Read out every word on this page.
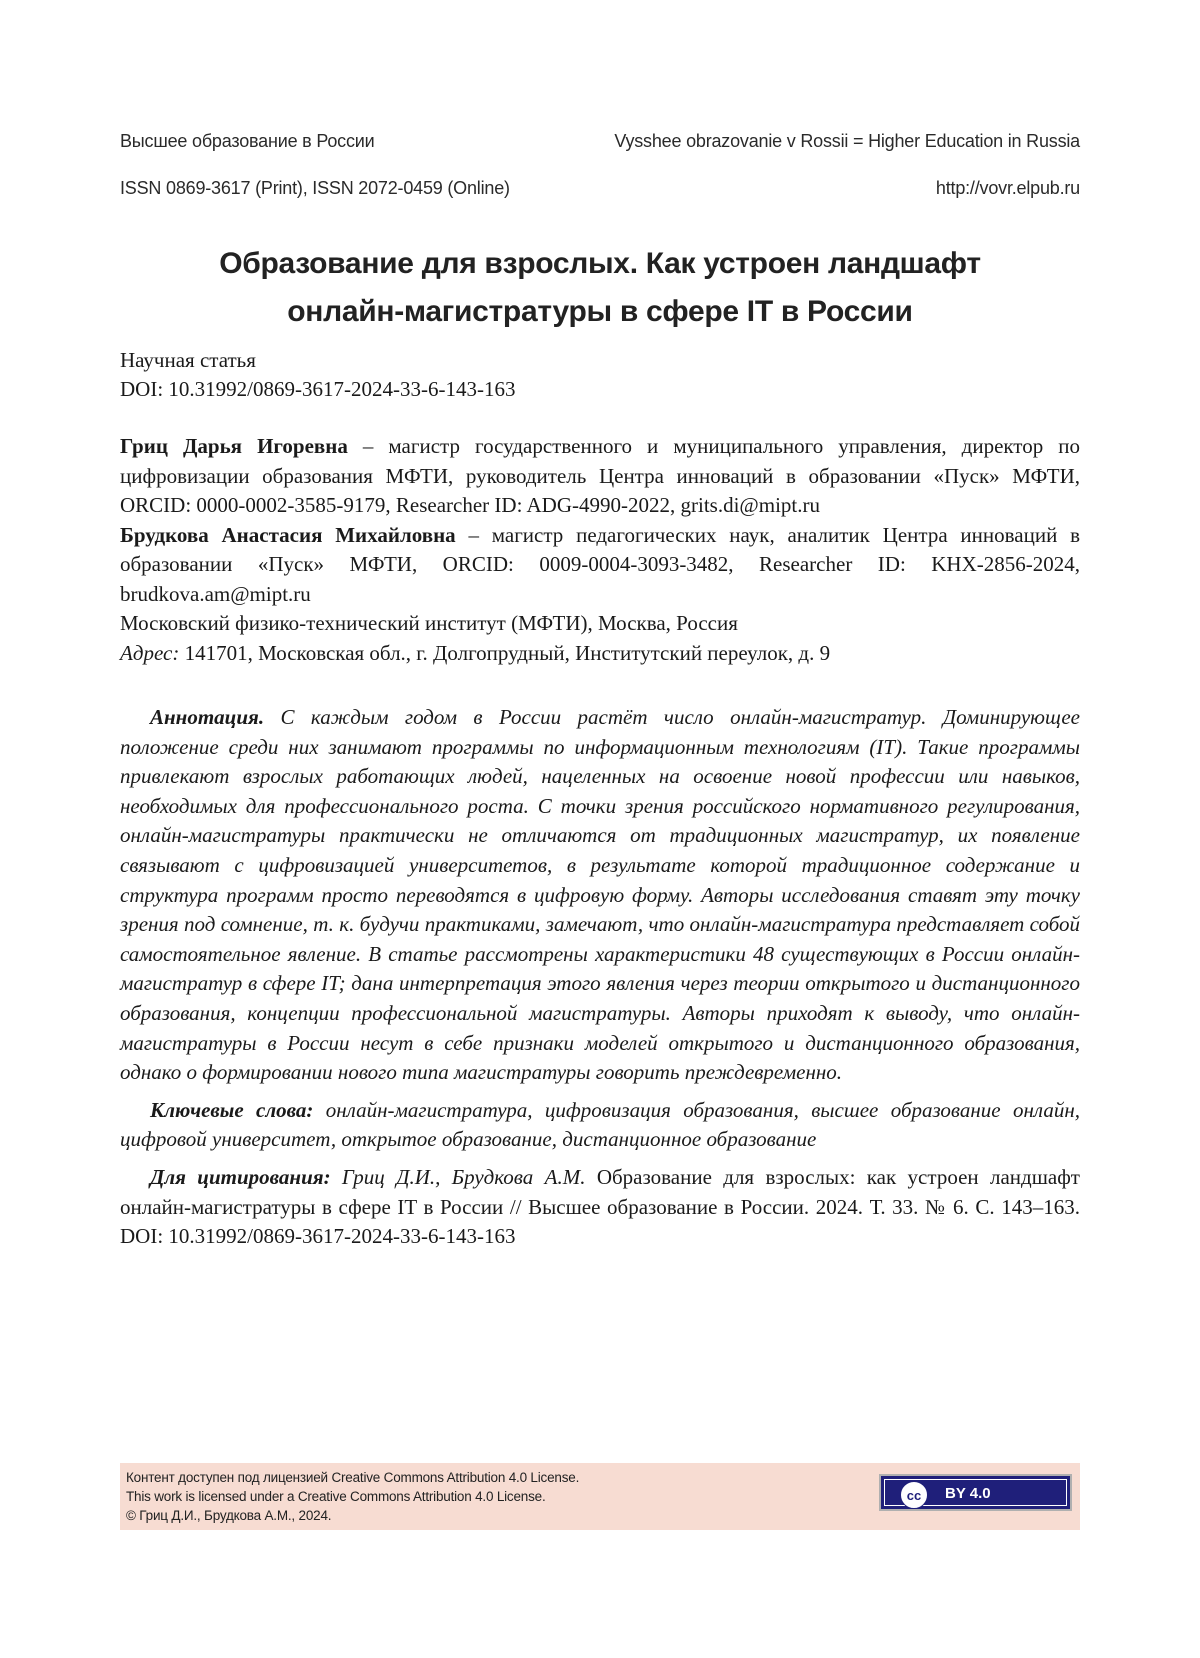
Высшее образование в России	Vysshee obrazovanie v Rossii = Higher Education in Russia
ISSN 0869-3617 (Print), ISSN 2072-0459 (Online)	http://vovr.elpub.ru
Образование для взрослых. Как устроен ландшафт
онлайн-магистратуры в сфере IT в России
Научная статья
DOI: 10.31992/0869-3617-2024-33-6-143-163

Гриц Дарья Игоревна – магистр государственного и муниципального управления, директор по цифровизации образования МФТИ, руководитель Центра инноваций в образовании «Пуск» МФТИ, ORCID: 0000-0002-3585-9179, Researcher ID: ADG-4990-2022, grits.di@mipt.ru

Брудкова Анастасия Михайловна – магистр педагогических наук, аналитик Центра инноваций в образовании «Пуск» МФТИ, ORCID: 0009-0004-3093-3482, Researcher ID: KHX-2856-2024, brudkova.am@mipt.ru

Московский физико-технический институт (МФТИ), Москва, Россия

Адрес: 141701, Московская обл., г. Долгопрудный, Институтский переулок, д. 9

Аннотация. С каждым годом в России растёт число онлайн-магистратур. Доминирующее положение среди них занимают программы по информационным технологиям (IT). Такие программы привлекают взрослых работающих людей, нацеленных на освоение новой профессии или навыков, необходимых для профессионального роста. С точки зрения российского нормативного регулирования, онлайн-магистратуры практически не отличаются от традиционных магистратур, их появление связывают с цифровизацией университетов, в результате которой традиционное содержание и структура программ просто переводятся в цифровую форму. Авторы исследования ставят эту точку зрения под сомнение, т. к. будучи практиками, замечают, что онлайн-магистратура представляет собой самостоятельное явление. В статье рассмотрены характеристики 48 существующих в России онлайн-магистратур в сфере IT; дана интерпретация этого явления через теории открытого и дистанционного образования, концепции профессиональной магистратуры. Авторы приходят к выводу, что онлайн-магистратуры в России несут в себе признаки моделей открытого и дистанционного образования, однако о формировании нового типа магистратуры говорить преждевременно.

Ключевые слова: онлайн-магистратура, цифровизация образования, высшее образование онлайн, цифровой университет, открытое образование, дистанционное образование

Для цитирования: Гриц Д.И., Брудкова А.М. Образование для взрослых: как устроен ландшафт онлайн-магистратуры в сфере IT в России // Высшее образование в России. 2024. Т. 33. № 6. С. 143–163. DOI: 10.31992/0869-3617-2024-33-6-143-163

Контент доступен под лицензией Creative Commons Attribution 4.0 License.
This work is licensed under a Creative Commons Attribution 4.0 License.
© Гриц Д.И., Брудкова А.М., 2024.
cc	BY 4.0
